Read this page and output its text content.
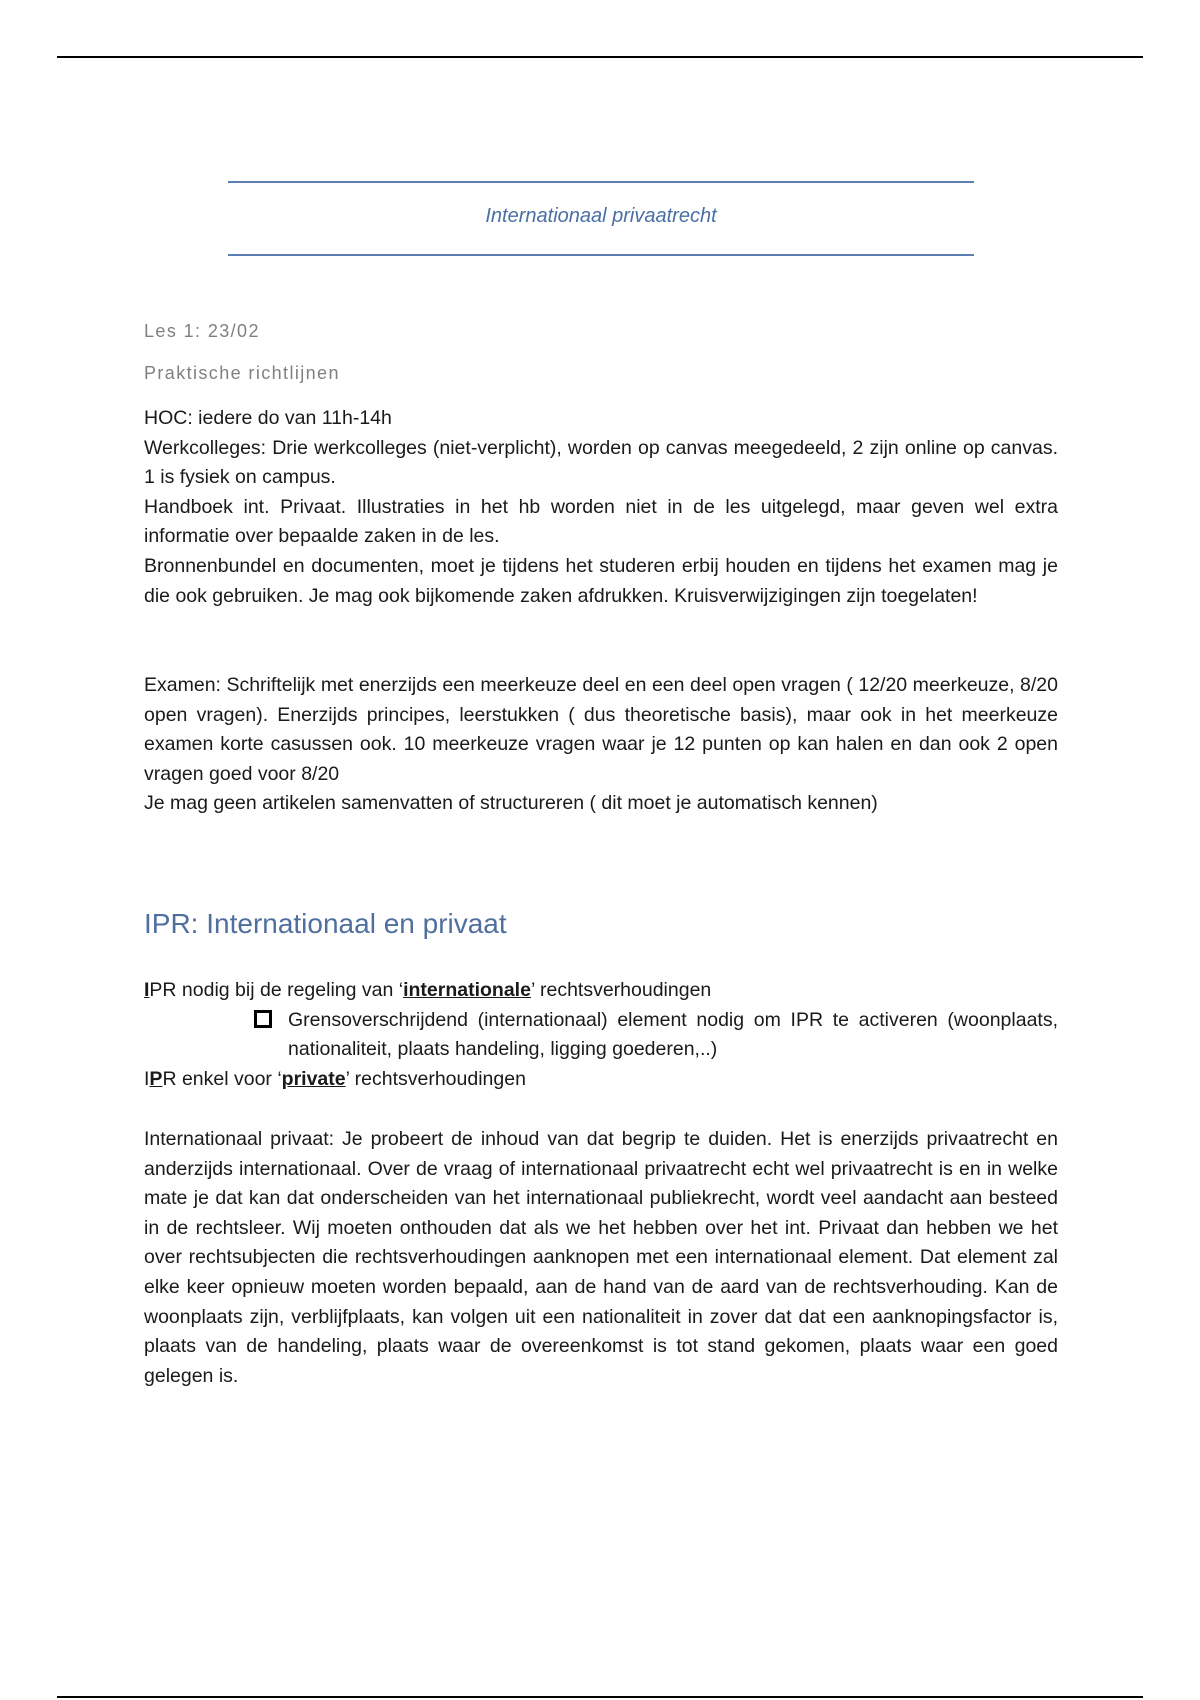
Internationaal privaatrecht
Les 1: 23/02
Praktische richtlijnen

HOC: iedere do van 11h-14h

Werkcolleges: Drie werkcolleges (niet-verplicht), worden op canvas meegedeeld, 2 zijn online op canvas. 1 is fysiek on campus.

Handboek int. Privaat. Illustraties in het hb worden niet in de les uitgelegd, maar geven wel extra informatie over bepaalde zaken in de les.

Bronnenbundel en documenten, moet je tijdens het studeren erbij houden en tijdens het examen mag je die ook gebruiken. Je mag ook bijkomende zaken afdrukken. Kruisverwijzigingen zijn toegelaten!

Examen: Schriftelijk met enerzijds een meerkeuze deel en een deel open vragen ( 12/20 meerkeuze, 8/20 open vragen). Enerzijds principes, leerstukken ( dus theoretische basis), maar ook in het meerkeuze examen korte casussen ook. 10 meerkeuze vragen waar je 12 punten op kan halen en dan ook 2 open vragen goed voor 8/20

Je mag geen artikelen samenvatten of structureren ( dit moet je automatisch kennen)

IPR: Internationaal en privaat

IPR nodig bij de regeling van ‘internationale’ rechtsverhoudingen

Grensoverschrijdend (internationaal) element nodig om IPR te activeren (woonplaats, nationaliteit, plaats handeling, ligging goederen,..)

IPR enkel voor ‘private’ rechtsverhoudingen

Internationaal privaat: Je probeert de inhoud van dat begrip te duiden. Het is enerzijds privaatrecht en anderzijds internationaal. Over de vraag of internationaal privaatrecht echt wel privaatrecht is en in welke mate je dat kan dat onderscheiden van het internationaal publiekrecht, wordt veel aandacht aan besteed in de rechtsleer. Wij moeten onthouden dat als we het hebben over het int. Privaat dan hebben we het over rechtsubjecten die rechtsverhoudingen aanknopen met een internationaal element. Dat element zal elke keer opnieuw moeten worden bepaald, aan de hand van de aard van de rechtsverhouding. Kan de woonplaats zijn, verblijfplaats, kan volgen uit een nationaliteit in zover dat dat een aanknopingsfactor is, plaats van de handeling, plaats waar de overeenkomst is tot stand gekomen, plaats waar een goed gelegen is.
